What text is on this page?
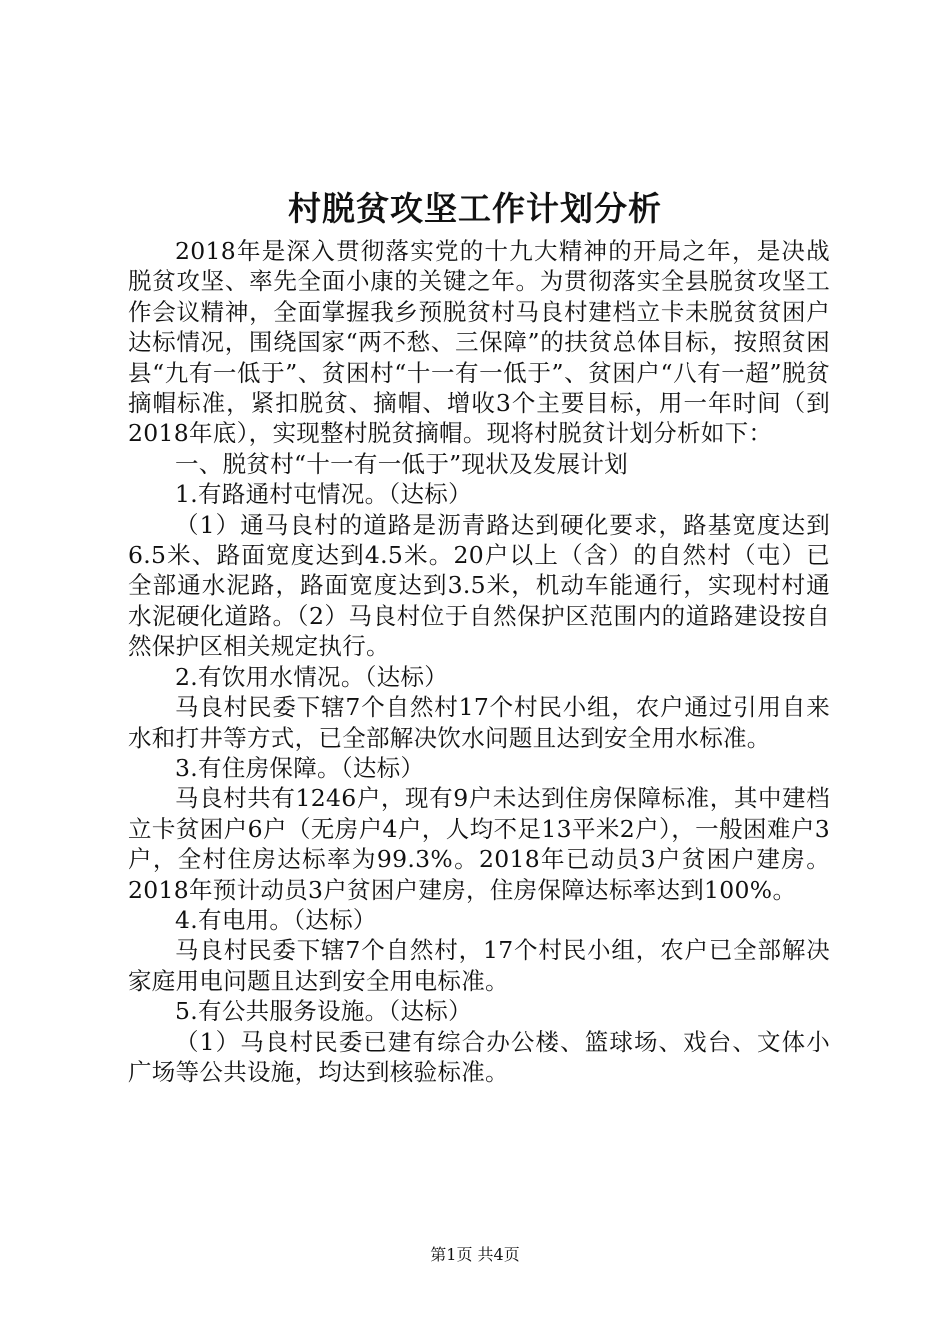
村脱贫攻坚工作计划分析

2018年是深入贯彻落实党的十九大精神的开局之年，是决战脱贫攻坚、率先全面小康的关键之年。为贯彻落实全县脱贫攻坚工作会议精神，全面掌握我乡预脱贫村马良村建档立卡未脱贫贫困户达标情况，围绕国家“两不愁、三保障”的扶贫总体目标，按照贫困县“九有一低于”、贫困村“十一有一低于”、贫困户“八有一超”脱贫摘帽标准，紧扣脱贫、摘帽、增收3个主要目标，用一年时间（到2018年底），实现整村脱贫摘帽。现将村脱贫计划分析如下：

一、脱贫村“十一有一低于”现状及发展计划

1.有路通村屯情况。（达标）

（1）通马良村的道路是沥青路达到硬化要求，路基宽度达到6.5米、路面宽度达到4.5米。20户以上（含）的自然村（屯）已全部通水泥路，路面宽度达到3.5米，机动车能通行，实现村村通水泥硬化道路。（2）马良村位于自然保护区范围内的道路建设按自然保护区相关规定执行。

2.有饮用水情况。（达标）

马良村民委下辖7个自然村17个村民小组，农户通过引用自来水和打井等方式，已全部解决饮水问题且达到安全用水标准。

3.有住房保障。（达标）

马良村共有1246户，现有9户未达到住房保障标准，其中建档立卡贫困户6户（无房户4户，人均不足13平米2户），一般困难户3户，全村住房达标率为99.3%。2018年已动员3户贫困户建房。2018年预计动员3户贫困户建房，住房保障达标率达到100%。

4.有电用。（达标）

马良村民委下辖7个自然村，17个村民小组，农户已全部解决家庭用电问题且达到安全用电标准。

5.有公共服务设施。（达标）

（1）马良村民委已建有综合办公楼、篮球场、戏台、文体小广场等公共设施，均达到核验标准。

第1页 共4页
